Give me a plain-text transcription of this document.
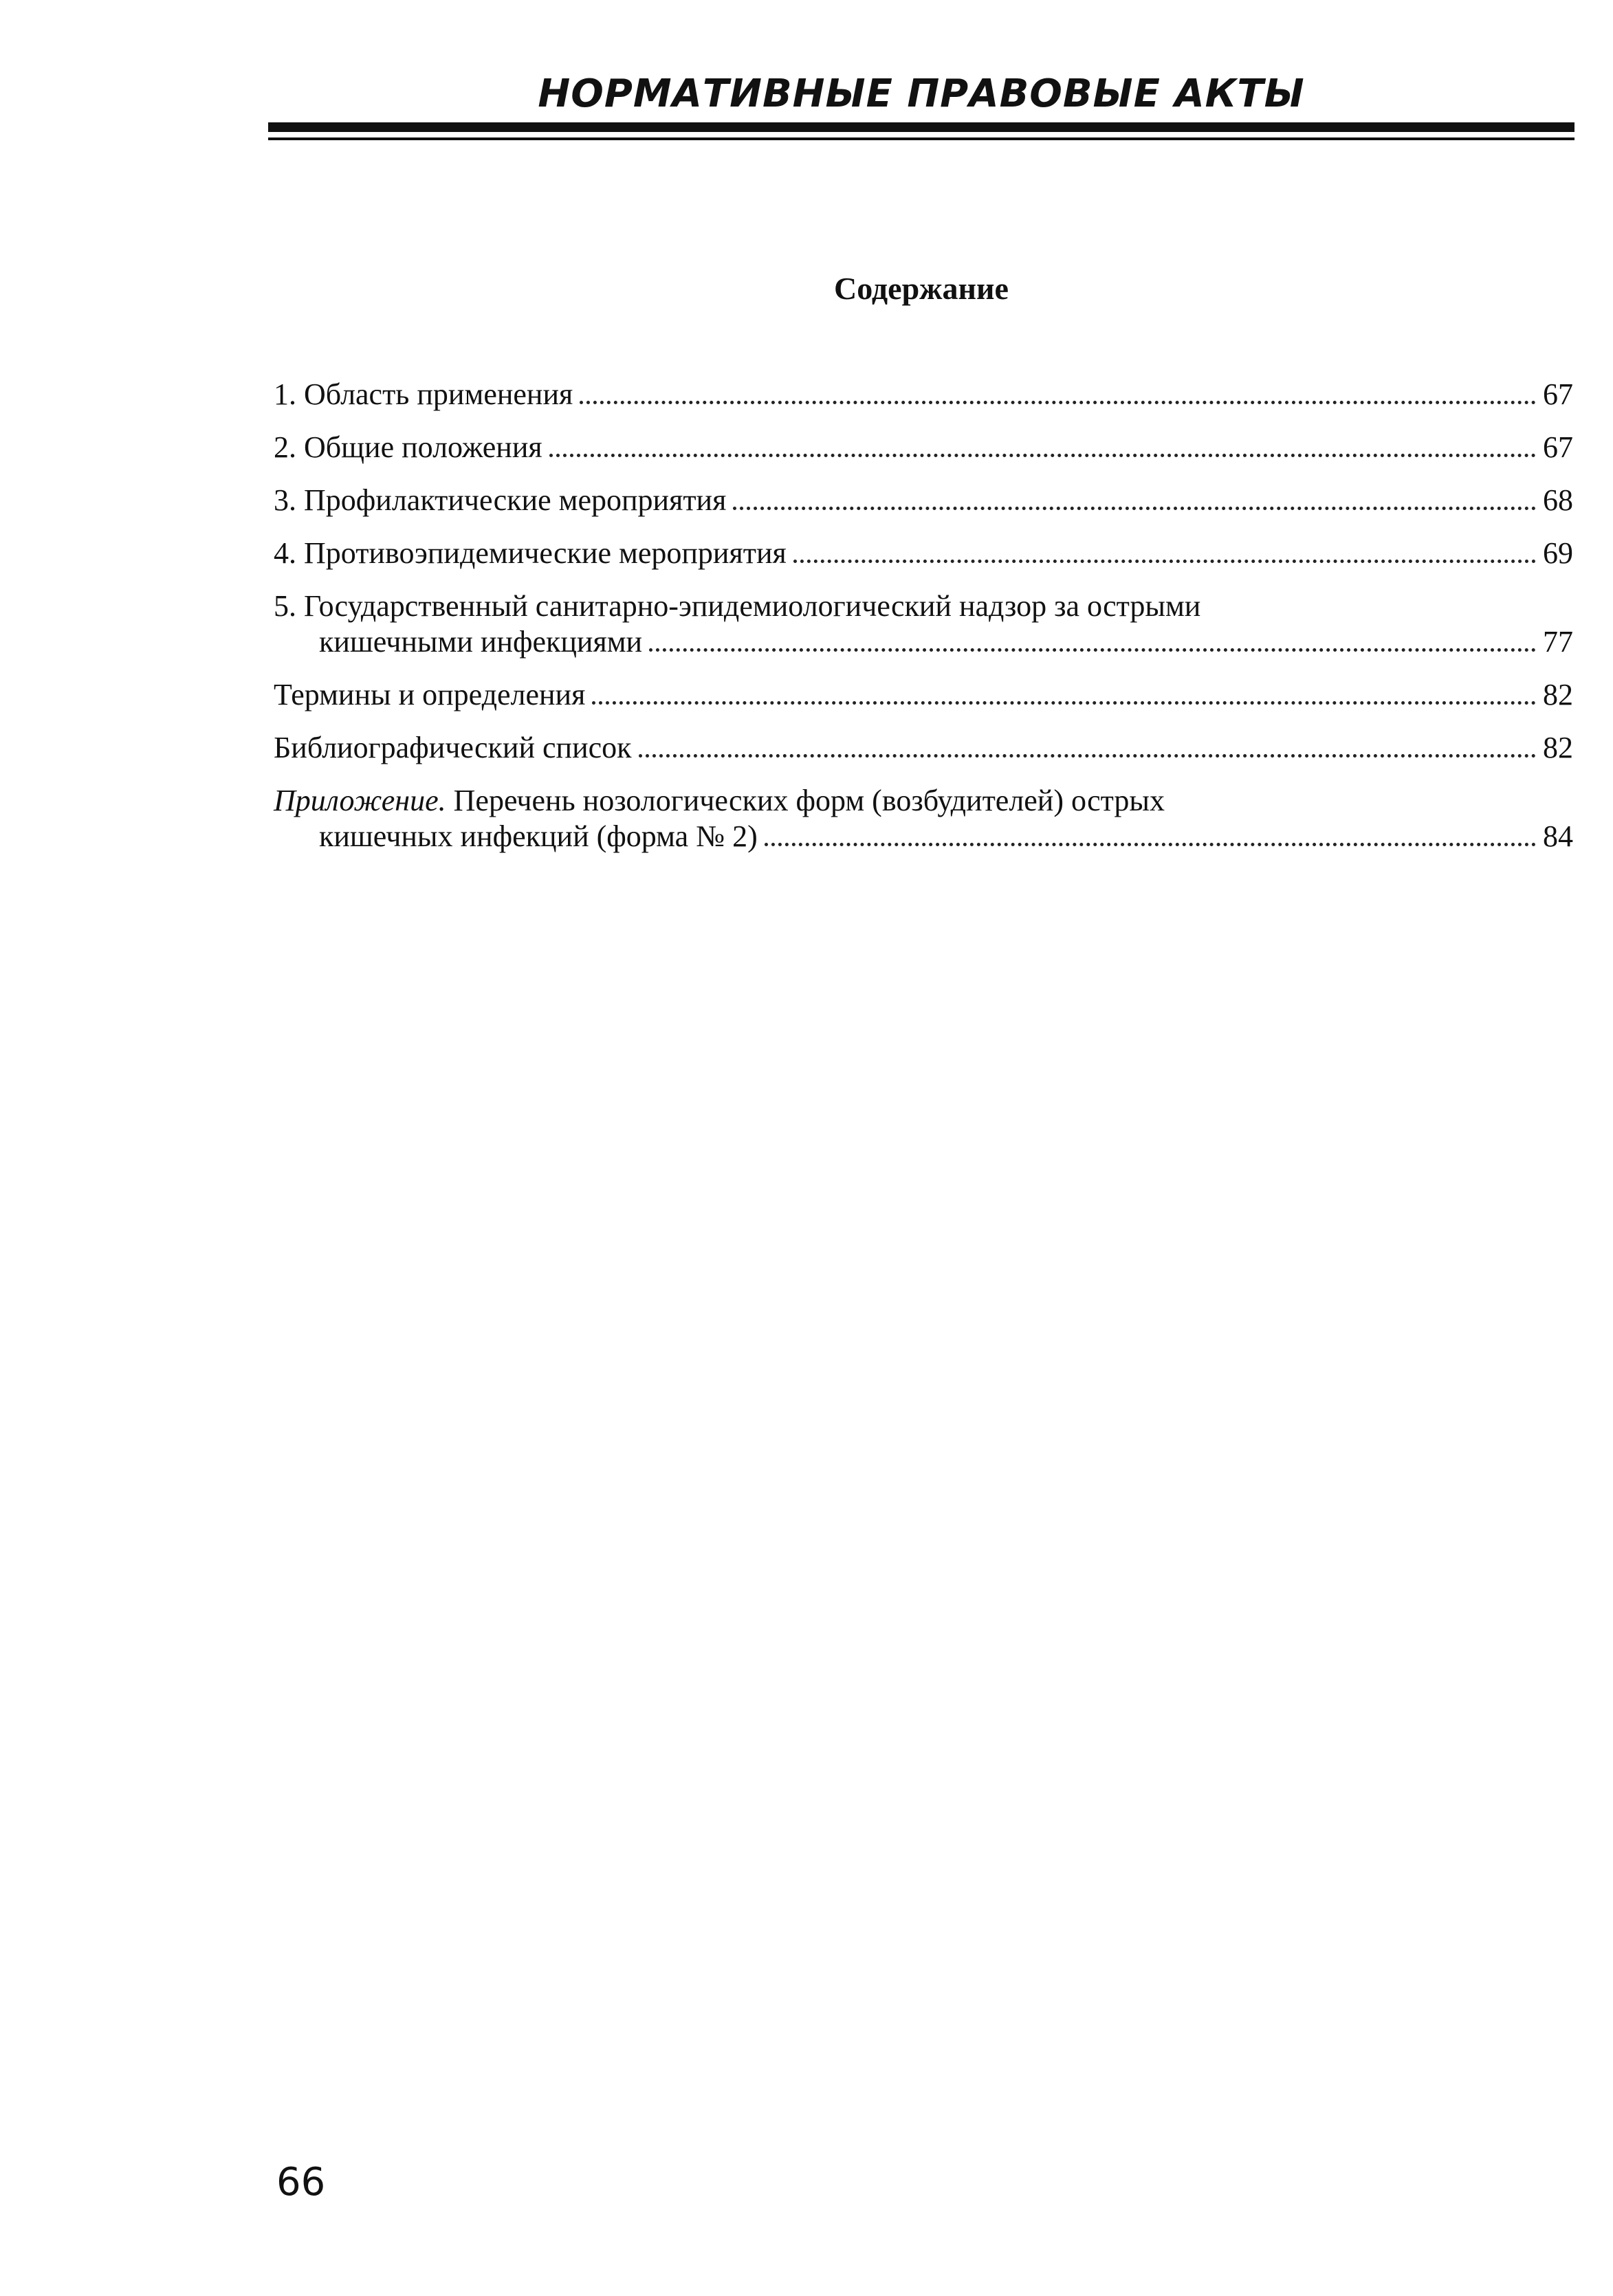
НОРМАТИВНЫЕ ПРАВОВЫЕ АКТЫ
Содержание
1. Область применения	67
2. Общие положения	67
3. Профилактические мероприятия	68
4. Противоэпидемические мероприятия	69
5. Государственный санитарно-эпидемиологический надзор за острыми
кишечными инфекциями	77
Термины и определения	82
Библиографический список	82
Приложение. Перечень нозологических форм (возбудителей) острых
кишечных инфекций (форма № 2)	84
66
